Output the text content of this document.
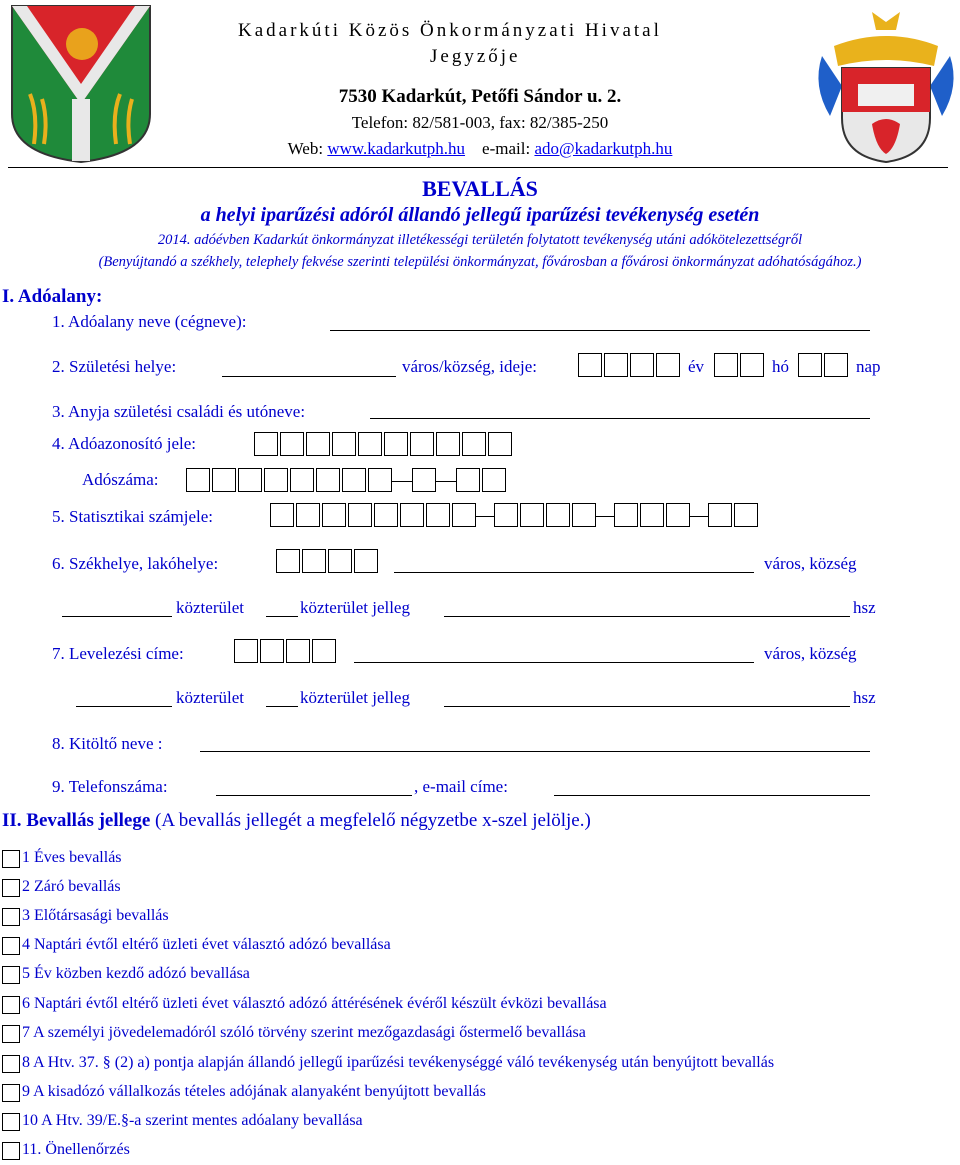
Kadarkúti Közös Önkormányzati Hivatal
Jegyzője
7530 Kadarkút, Petőfi Sándor u. 2.
Telefon: 82/581-003, fax: 82/385-250
Web: www.kadarkutph.hu e-mail: ado@kadarkutph.hu
BEVALLÁS
a helyi iparűzési adóról állandó jellegű iparűzési tevékenység esetén
2014. adóévben Kadarkút önkormányzat illetékességi területén folytatott tevékenység utáni adókötelezettségről
(Benyújtandó a székhely, telephely fekvése szerinti települési önkormányzat, fővárosban a fővárosi önkormányzat adóhatóságához.)
I. Adóalany:
1. Adóalany neve (cégneve):
2. Születési helye:	város/község, ideje:	év	hó	nap
3. Anyja születési családi és utóneve:
4. Adóazonosító jele:
Adószáma:
5. Statisztikai számjele:
6. Székhelye, lakóhelye:	város, község
közterület	közterület jelleg	hsz
7. Levelezési címe:	város, község
közterület	közterület jelleg	hsz
8. Kitöltő neve :
9. Telefonszáma:	, e-mail címe:
II. Bevallás jellege (A bevallás jellegét a megfelelő négyzetbe x-szel jelölje.)
1 Éves bevallás
2 Záró bevallás
3 Előtársasági bevallás
4 Naptári évtől eltérő üzleti évet választó adózó bevallása
5 Év közben kezdő adózó bevallása
6 Naptári évtől eltérő üzleti évet választó adózó áttérésének évéről készült évközi bevallása
7 A személyi jövedelemadóról szóló törvény szerint mezőgazdasági őstermelő bevallása
8 A Htv. 37. § (2) a) pontja alapján állandó jellegű iparűzési tevékenységgé váló tevékenység után benyújtott bevallás
9 A kisadózó vállalkozás tételes adójának alanyaként benyújtott bevallás
10 A Htv. 39/E.§-a szerint mentes adóalany bevallása
11. Önellenőrzés
